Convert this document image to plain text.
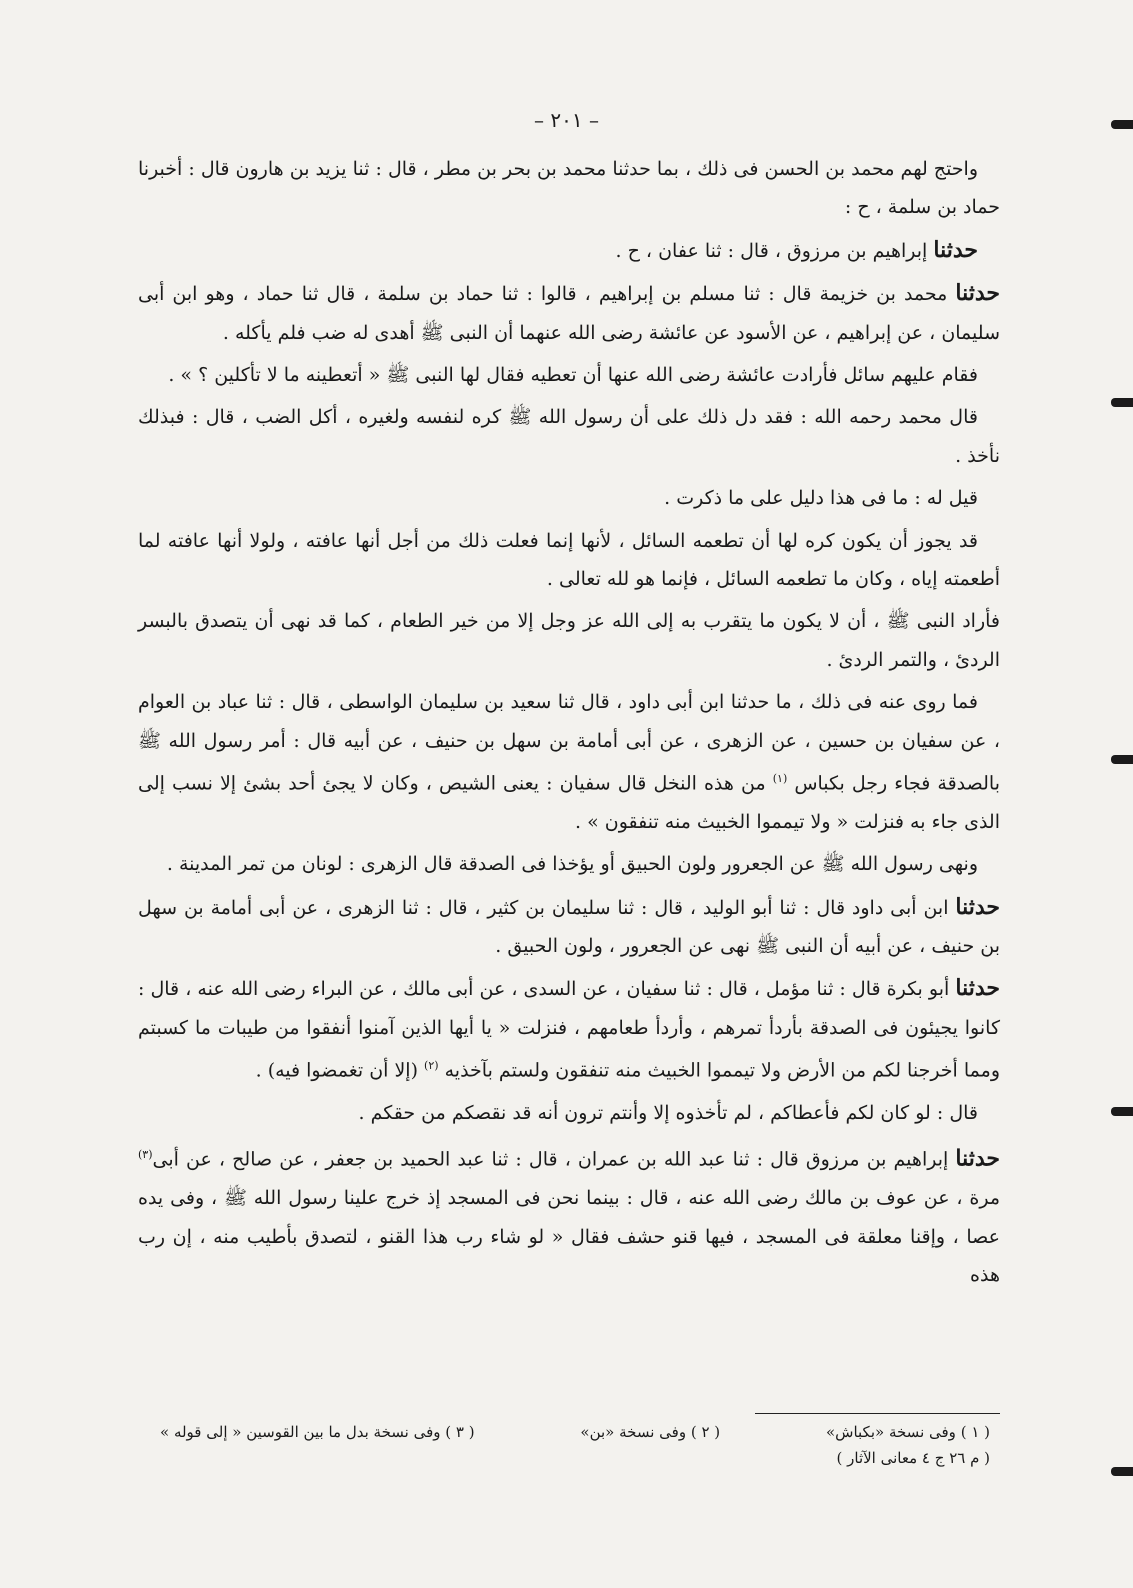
– ٢٠١ –

واحتج لهم محمد بن الحسن فى ذلك ، بما حدثنا محمد بن بحر بن مطر ، قال : ثنا يزيد بن هارون قال : أخبرنا حماد بن سلمة ، ح :

حدثنا إبراهيم بن مرزوق ، قال : ثنا عفان ، ح .

حدثنا محمد بن خزيمة قال : ثنا مسلم بن إبراهيم ، قالوا : ثنا حماد بن سلمة ، قال ثنا حماد ، وهو ابن أبى سليمان ، عن إبراهيم ، عن الأسود عن عائشة رضى الله عنهما أن النبى ﷺ أهدى له ضب فلم يأكله .

فقام عليهم سائل فأرادت عائشة رضى الله عنها أن تعطيه فقال لها النبى ﷺ « أتعطينه ما لا تأكلين ؟ » .

قال محمد رحمه الله : فقد دل ذلك على أن رسول الله ﷺ كره لنفسه ولغيره ، أكل الضب ، قال : فبذلك نأخذ .

قيل له : ما فى هذا دليل على ما ذكرت .

قد يجوز أن يكون كره لها أن تطعمه السائل ، لأنها إنما فعلت ذلك من أجل أنها عافته ، ولولا أنها عافته لما أطعمته إياه ، وكان ما تطعمه السائل ، فإنما هو لله تعالى .

فأراد النبى ﷺ ، أن لا يكون ما يتقرب به إلى الله عز وجل إلا من خير الطعام ، كما قد نهى أن يتصدق بالبسر الردئ ، والتمر الردئ .

فما روى عنه فى ذلك ، ما حدثنا ابن أبى داود ، قال ثنا سعيد بن سليمان الواسطى ، قال : ثنا عباد بن العوام ، عن سفيان بن حسين ، عن الزهرى ، عن أبى أمامة بن سهل بن حنيف ، عن أبيه قال : أمر رسول الله ﷺ بالصدقة فجاء رجل بكباس $^{(١)}$ من هذه النخل قال سفيان : يعنى الشيص ، وكان لا يجئ أحد بشئ إلا نسب إلى الذى جاء به فنزلت « ولا تيمموا الخبيث منه تنفقون » .

ونهى رسول الله ﷺ عن الجعرور ولون الحبيق أو يؤخذا فى الصدقة قال الزهرى : لونان من تمر المدينة .

حدثنا ابن أبى داود قال : ثنا أبو الوليد ، قال : ثنا سليمان بن كثير ، قال : ثنا الزهرى ، عن أبى أمامة بن سهل بن حنيف ، عن أبيه أن النبى ﷺ نهى عن الجعرور ، ولون الحبيق .

حدثنا أبو بكرة قال : ثنا مؤمل ، قال : ثنا سفيان ، عن السدى ، عن أبى مالك ، عن البراء رضى الله عنه ، قال : كانوا يجيئون فى الصدقة بأردأ تمرهم ، وأردأ طعامهم ، فنزلت « يا أيها الذين آمنوا أنفقوا من طيبات ما كسبتم ومما أخرجنا لكم من الأرض ولا تيمموا الخبيث منه تنفقون ولستم بآخذيه $^{(٢)}$ (إلا أن تغمضوا فيه) .

قال : لو كان لكم فأعطاكم ، لم تأخذوه إلا وأنتم ترون أنه قد نقصكم من حقكم .

حدثنا إبراهيم بن مرزوق قال : ثنا عبد الله بن عمران ، قال : ثنا عبد الحميد بن جعفر ، عن صالح ، عن أبى$^{(٣)}$ مرة ، عن عوف بن مالك رضى الله عنه ، قال : بينما نحن فى المسجد إذ خرج علينا رسول الله ﷺ ، وفى يده عصا ، وإقنا معلقة فى المسجد ، فيها قنو حشف فقال « لو شاء رب هذا القنو ، لتصدق بأطيب منه ، إن رب هذه

( ١ ) وفى نسخة «بكباش»
( ٢ ) وفى نسخة «بن»
( ٣ ) وفى نسخة بدل ما بين القوسين « إلى قوله »
( م ٢٦ ج ٤ معانى الآثار )
